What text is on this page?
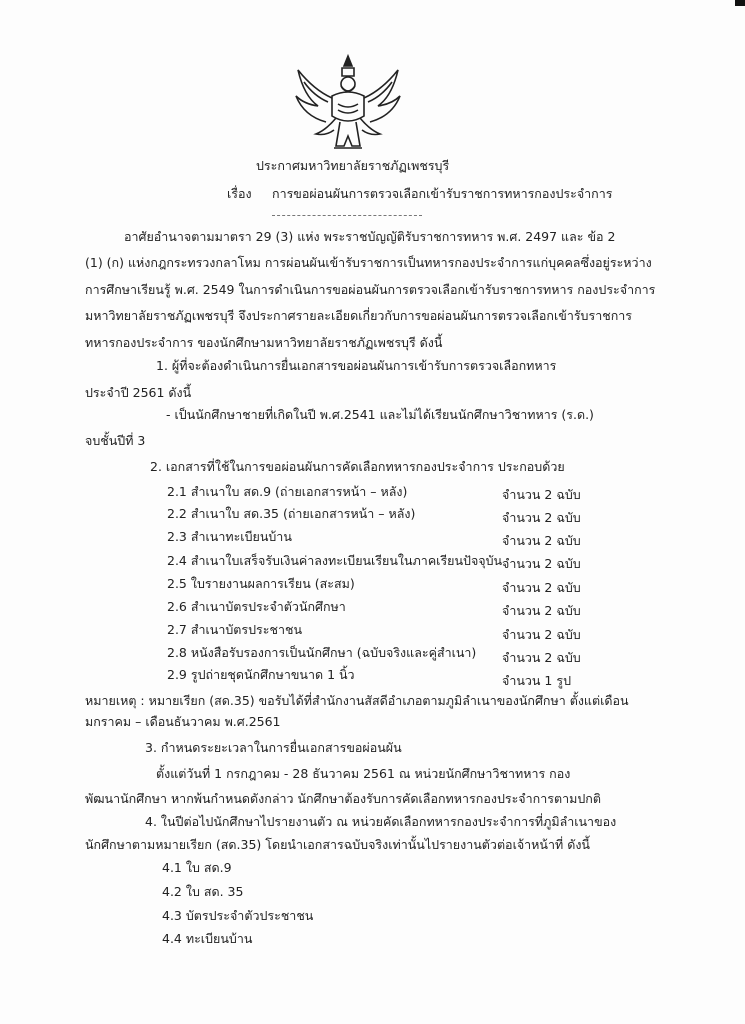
ประกาศมหาวิทยาลัยราชภัฏเพชรบุรี
เรื่อง การขอผ่อนผันการตรวจเลือกเข้ารับราชการทหารกองประจำการ
อาศัยอำนาจตามมาตรา 29 (3) แห่ง พระราชบัญญัติรับราชการทหาร พ.ศ. 2497 และ ข้อ 2
(1) (ก) แห่งกฎกระทรวงกลาโหม การผ่อนผันเข้ารับราชการเป็นทหารกองประจำการแก่บุคคลซึ่งอยู่ระหว่าง
การศึกษาเรียนรู้ พ.ศ. 2549 ในการดำเนินการขอผ่อนผันการตรวจเลือกเข้ารับราชการทหาร กองประจำการ
มหาวิทยาลัยราชภัฏเพชรบุรี จึงประกาศรายละเอียดเกี่ยวกับการขอผ่อนผันการตรวจเลือกเข้ารับราชการ
ทหารกองประจำการ ของนักศึกษามหาวิทยาลัยราชภัฏเพชรบุรี ดังนี้
1. ผู้ที่จะต้องดำเนินการยื่นเอกสารขอผ่อนผันการเข้ารับการตรวจเลือกทหาร
ประจำปี 2561 ดังนี้
- เป็นนักศึกษาชายที่เกิดในปี พ.ศ.2541 และไม่ได้เรียนนักศึกษาวิชาทหาร (ร.ด.)
จบชั้นปีที่ 3
2. เอกสารที่ใช้ในการขอผ่อนผันการคัดเลือกทหารกองประจำการ ประกอบด้วย
2.1 สำเนาใบ สด.9 (ถ่ายเอกสารหน้า – หลัง)	จำนวน 2 ฉบับ
2.2 สำเนาใบ สด.35 (ถ่ายเอกสารหน้า – หลัง)	จำนวน 2 ฉบับ
2.3 สำเนาทะเบียนบ้าน	จำนวน 2 ฉบับ
2.4 สำเนาใบเสร็จรับเงินค่าลงทะเบียนเรียนในภาคเรียนปัจจุบัน จำนวน 2 ฉบับ
2.5 ใบรายงานผลการเรียน (สะสม)	จำนวน 2 ฉบับ
2.6 สำเนาบัตรประจำตัวนักศึกษา	จำนวน 2 ฉบับ
2.7 สำเนาบัตรประชาชน	จำนวน 2 ฉบับ
2.8 หนังสือรับรองการเป็นนักศึกษา (ฉบับจริงและคู่สำเนา) จำนวน 2 ฉบับ
2.9 รูปถ่ายชุดนักศึกษาขนาด 1 นิ้ว	จำนวน 1 รูป
หมายเหตุ : หมายเรียก (สด.35) ขอรับได้ที่สำนักงานสัสดีอำเภอตามภูมิลำเนาของนักศึกษา ตั้งแต่เดือน
มกราคม – เดือนธันวาคม พ.ศ.2561
3. กำหนดระยะเวลาในการยื่นเอกสารขอผ่อนผัน
ตั้งแต่วันที่ 1 กรกฎาคม - 28 ธันวาคม 2561 ณ หน่วยนักศึกษาวิชาทหาร กอง
พัฒนานักศึกษา หากพ้นกำหนดดังกล่าว นักศึกษาต้องรับการคัดเลือกทหารกองประจำการตามปกติ
4. ในปีต่อไปนักศึกษาไปรายงานตัว ณ หน่วยคัดเลือกทหารกองประจำการที่ภูมิลำเนาของ
นักศึกษาตามหมายเรียก (สด.35) โดยนำเอกสารฉบับจริงเท่านั้นไปรายงานตัวต่อเจ้าหน้าที่ ดังนี้
4.1 ใบ สด.9
4.2 ใบ สด. 35
4.3 บัตรประจำตัวประชาชน
4.4 ทะเบียนบ้าน
